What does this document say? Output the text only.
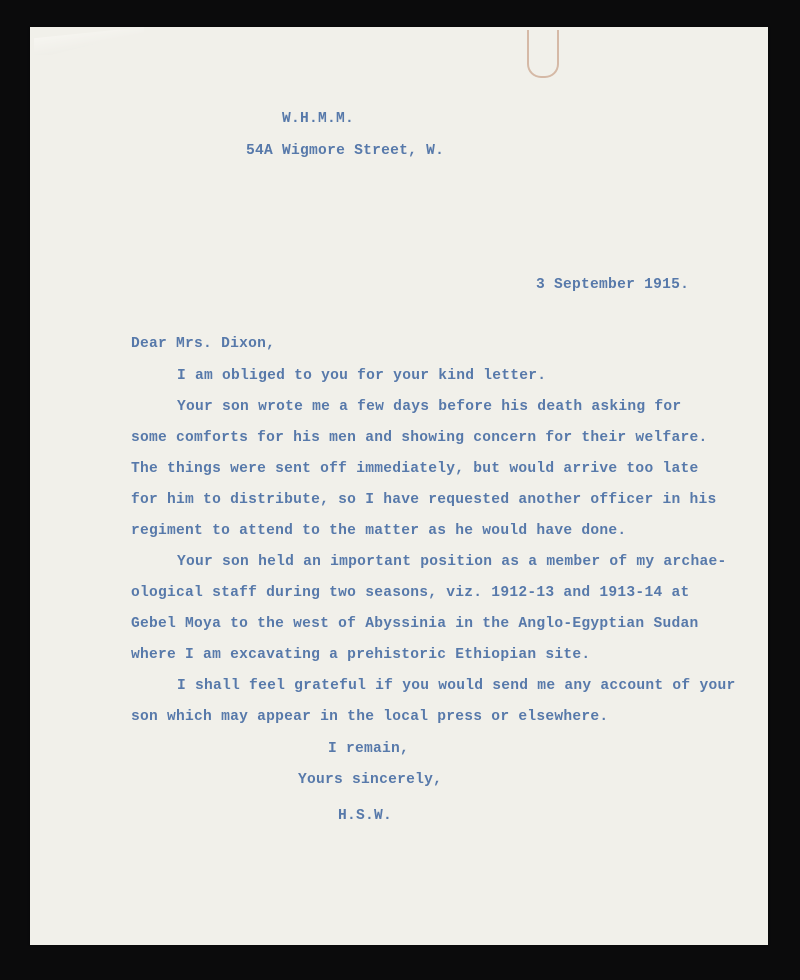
W.H.M.M.
54A Wigmore Street, W.
3 September 1915.
Dear Mrs. Dixon,
I am obliged to you for your kind letter.
Your son wrote me a few days before his death asking for
some comforts for his men and showing concern for their welfare.
The things were sent off immediately, but would arrive too late
for him to distribute, so I have requested another officer in his
regiment to attend to the matter as he would have done.
Your son held an important position as a member of my archae-
ological staff during two seasons, viz. 1912-13 and 1913-14 at
Gebel Moya to the west of Abyssinia in the Anglo-Egyptian Sudan
where I am excavating a prehistoric Ethiopian site.
I shall feel grateful if you would send me any account of your
son which may appear in the local press or elsewhere.
I remain,
Yours sincerely,
H.S.W.
